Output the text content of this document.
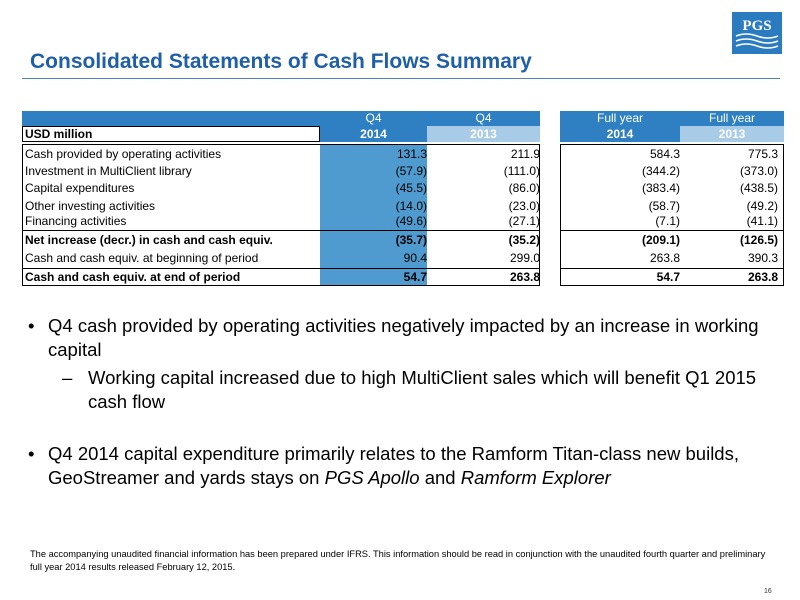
PGS
Consolidated Statements of Cash Flows Summary
Q4	Q4	Full year	Full year
USD million	2014	2013	2014	2013
Cash provided by operating activities	131.3	211.9	584.3	775.3
Investment in MultiClient library	(57.9)	(111.0)	(344.2)	(373.0)
Capital expenditures	(45.5)	(86.0)	(383.4)	(438.5)
Other investing activities	(14.0)	(23.0)	(58.7)	(49.2)
Financing activities	(49.6)	(27.1)	(7.1)	(41.1)
Net increase (decr.) in cash and cash equiv.	(35.7)	(35.2)	(209.1)	(126.5)
Cash and cash equiv. at beginning of period	90.4	299.0	263.8	390.3
Cash and cash equiv. at end of period	54.7	263.8	54.7	263.8
• Q4 cash provided by operating activities negatively impacted by an increase in working capital
– Working capital increased due to high MultiClient sales which will benefit Q1 2015 cash flow
• Q4 2014 capital expenditure primarily relates to the Ramform Titan-class new builds, GeoStreamer and yards stays on PGS Apollo and Ramform Explorer
The accompanying unaudited financial information has been prepared under IFRS. This information should be read in conjunction with the unaudited fourth quarter and preliminary full year 2014 results released February 12, 2015.
16
